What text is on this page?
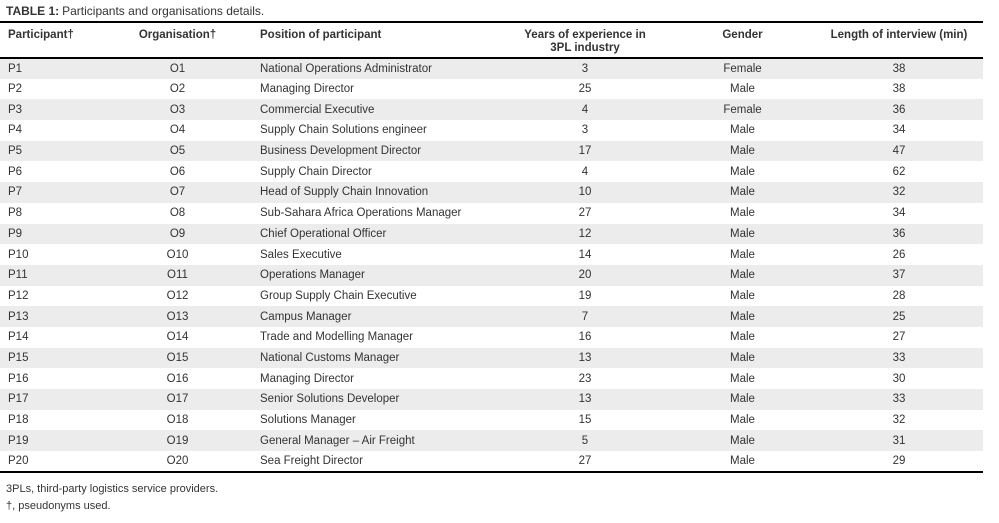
TABLE 1: Participants and organisations details.
Participant†	Organisation†	Position of participant	Years of experience in 3PL industry	Gender	Length of interview (min)
P1	O1	National Operations Administrator	3	Female	38
P2	O2	Managing Director	25	Male	38
P3	O3	Commercial Executive	4	Female	36
P4	O4	Supply Chain Solutions engineer	3	Male	34
P5	O5	Business Development Director	17	Male	47
P6	O6	Supply Chain Director	4	Male	62
P7	O7	Head of Supply Chain Innovation	10	Male	32
P8	O8	Sub-Sahara Africa Operations Manager	27	Male	34
P9	O9	Chief Operational Officer	12	Male	36
P10	O10	Sales Executive	14	Male	26
P11	O11	Operations Manager	20	Male	37
P12	O12	Group Supply Chain Executive	19	Male	28
P13	O13	Campus Manager	7	Male	25
P14	O14	Trade and Modelling Manager	16	Male	27
P15	O15	National Customs Manager	13	Male	33
P16	O16	Managing Director	23	Male	30
P17	O17	Senior Solutions Developer	13	Male	33
P18	O18	Solutions Manager	15	Male	32
P19	O19	General Manager – Air Freight	5	Male	31
P20	O20	Sea Freight Director	27	Male	29
3PLs, third-party logistics service providers.
†, pseudonyms used.
